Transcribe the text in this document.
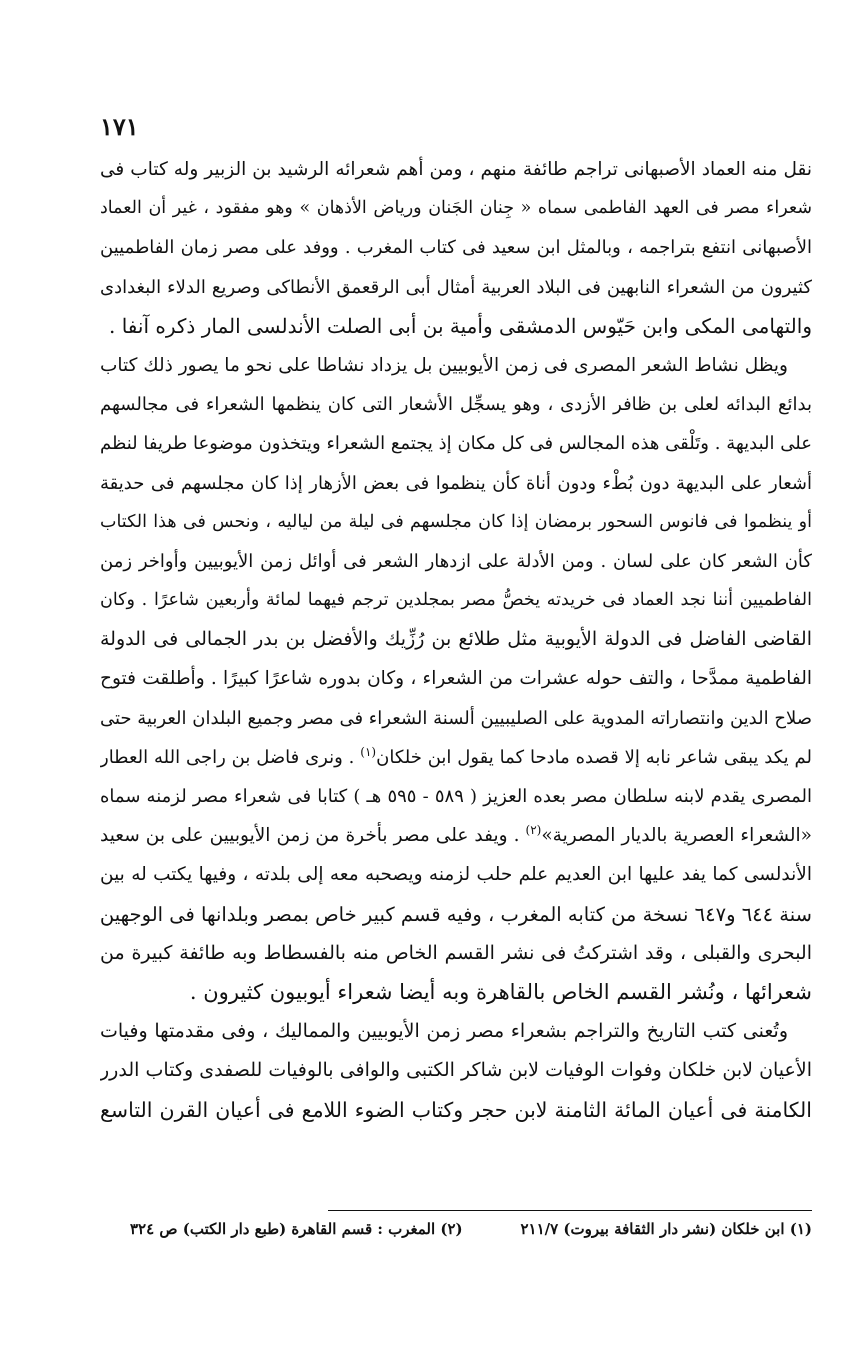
١٧١
نقل منه العماد الأصبهانى تراجم طائفة منهم ، ومن أهم شعرائه الرشيد بن الزبير وله كتاب فى
شعراء مصر فى العهد الفاطمى سماه « جِنان الجَنان ورياض الأذهان » وهو مفقود ، غير أن العماد
الأصبهانى انتفع بتراجمه ، وبالمثل ابن سعيد فى كتاب المغرب . ووفد على مصر زمان الفاطميين
كثيرون من الشعراء النابهين فى البلاد العربية أمثال أبى الرقعمق الأنطاكى وصريع الدلاء البغدادى
والتهامى المكى وابن حَيّوس الدمشقى وأمية بن أبى الصلت الأندلسى المار ذكره آنفا .
ويظل نشاط الشعر المصرى فى زمن الأيوبيين بل يزداد نشاطا على نحو ما يصور ذلك كتاب
بدائع البدائه لعلى بن ظافر الأزدى ، وهو يسجِّل الأشعار التى كان ينظمها الشعراء فى مجالسهم
على البديهة . وتَلْقى هذه المجالس فى كل مكان إذ يجتمع الشعراء ويتخذون موضوعا طريفا لنظم
أشعار على البديهة دون بُطْء ودون أناة كأن ينظموا فى بعض الأزهار إذا كان مجلسهم فى حديقة
أو ينظموا فى فانوس السحور برمضان إذا كان مجلسهم فى ليلة من لياليه ، ونحس فى هذا الكتاب
كأن الشعر كان على لسان . ومن الأدلة على ازدهار الشعر فى أوائل زمن الأيوبيين وأواخر زمن
الفاطميين أننا نجد العماد فى خريدته يخصُّ مصر بمجلدين ترجم فيهما لمائة وأربعين شاعرًا . وكان
القاضى الفاضل فى الدولة الأيوبية مثل طلائع بن رُزِّيك والأفضل بن بدر الجمالى فى الدولة
الفاطمية ممدَّحا ، والتف حوله عشرات من الشعراء ، وكان بدوره شاعرًا كبيرًا . وأطلقت فتوح
صلاح الدين وانتصاراته المدوية على الصليبيين ألسنة الشعراء فى مصر وجميع البلدان العربية حتى
لم يكد يبقى شاعر نابه إلا قصده مادحا كما يقول ابن خلكان$^{(١)}$ . ونرى فاضل بن راجى الله العطار
المصرى يقدم لابنه سلطان مصر بعده العزيز ( ٥٨٩ - ٥٩٥ هـ ) كتابا فى شعراء مصر لزمنه سماه
«الشعراء العصرية بالديار المصرية»$^{(٢)}$ . ويفد على مصر بأخرة من زمن الأيوبيين على بن سعيد
الأندلسى كما يفد عليها ابن العديم علم حلب لزمنه ويصحبه معه إلى بلدته ، وفيها يكتب له بين
سنة ٦٤٤ و٦٤٧ نسخة من كتابه المغرب ، وفيه قسم كبير خاص بمصر وبلدانها فى الوجهين
البحرى والقبلى ، وقد اشتركتُ فى نشر القسم الخاص منه بالفسطاط وبه طائفة كبيرة من
شعرائها ، ونُشر القسم الخاص بالقاهرة وبه أيضا شعراء أيوبيون كثيرون .
وتُعنى كتب التاريخ والتراجم بشعراء مصر زمن الأيوبيين والمماليك ، وفى مقدمتها وفيات
الأعيان لابن خلكان وفوات الوفيات لابن شاكر الكتبى والوافى بالوفيات للصفدى وكتاب الدرر
الكامنة فى أعيان المائة الثامنة لابن حجر وكتاب الضوء اللامع فى أعيان القرن التاسع
(١) ابن خلكان (نشر دار الثقافة بيروت) ٢١١/٧
(٢) المغرب : قسم القاهرة (طبع دار الكتب) ص ٣٢٤
